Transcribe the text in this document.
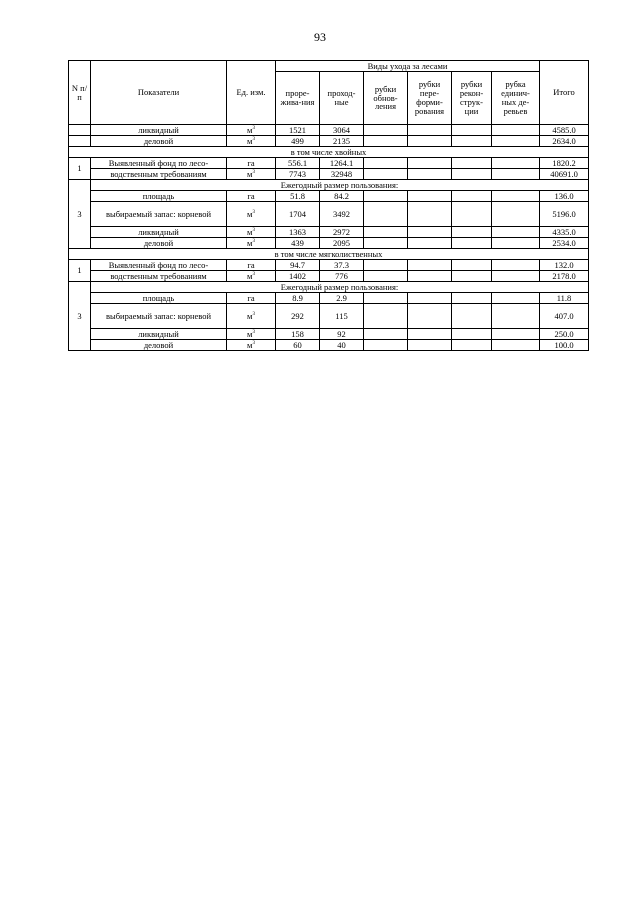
93
N п/п	Показатели	Ед. изм.	Виды ухода за лесами						Итого
			прорe-жива-ния	проход-ные	рубки обнов-ления	рубки пере-форми-рования	рубки рекон-струк-ции	рубка единич-ных де-ревьев	
	ликвидный	$м^3$	1521	3064					4585.0
	деловой	$м^3$	499	2135					2634.0
в том числе хвойных									
1	Выявленный фонд по лесо-	га	556.1	1264.1					1820.2
	водственным требованиям	$м^3$	7743	32948					40691.0
3	Ежегодный размер пользования:								
	площадь	га	51.8	84.2					136.0
	выбираемый запас: корневой	$м^3$	1704	3492					5196.0
	ликвидный	$м^3$	1363	2972					4335.0
	деловой	$м^3$	439	2095					2534.0
в том числе мягколиственных									
1	Выявленный фонд по лесо-	га	94.7	37.3					132.0
	водственным требованиям	$м^3$	1402	776					2178.0
3	Ежегодный размер пользования:								
	площадь	га	8.9	2.9					11.8
	выбираемый запас: корневой	$м^3$	292	115					407.0
	ликвидный	$м^3$	158	92					250.0
	деловой	$м^3$	60	40					100.0
